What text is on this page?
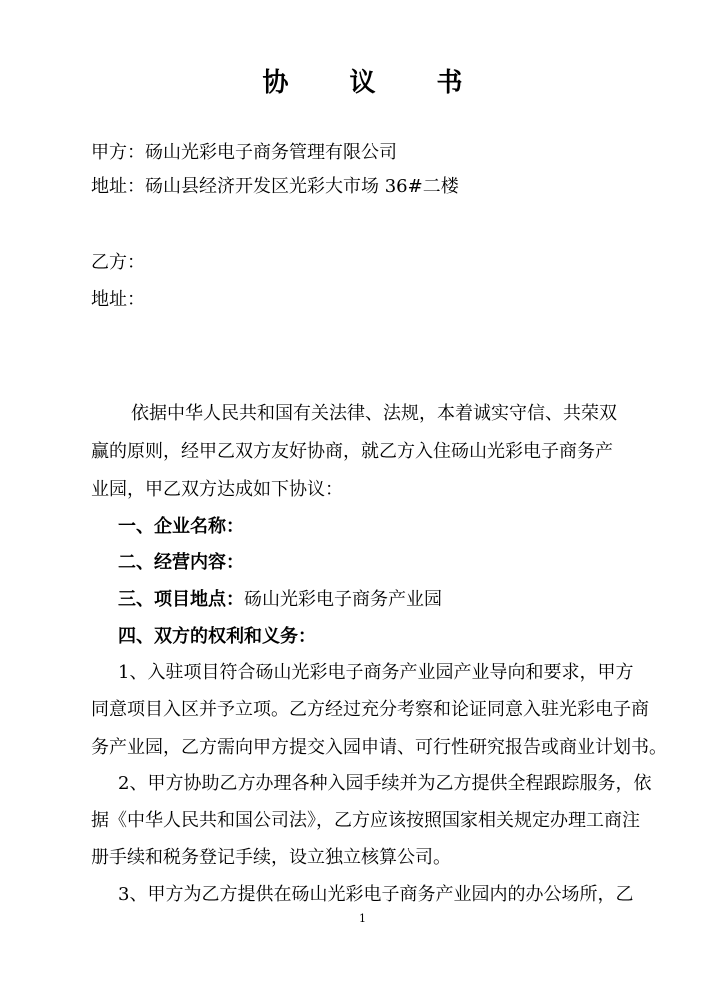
协 议 书
甲方：砀山光彩电子商务管理有限公司
地址：砀山县经济开发区光彩大市场 36#二楼
乙方：
地址：
依据中华人民共和国有关法律、法规，本着诚实守信、共荣双
赢的原则，经甲乙双方友好协商，就乙方入住砀山光彩电子商务产
业园，甲乙双方达成如下协议：
一、企业名称：
二、经营内容：
三、项目地点：砀山光彩电子商务产业园
四、双方的权利和义务：
1、入驻项目符合砀山光彩电子商务产业园产业导向和要求，甲方
同意项目入区并予立项。乙方经过充分考察和论证同意入驻光彩电子商
务产业园，乙方需向甲方提交入园申请、可行性研究报告或商业计划书。
2、甲方协助乙方办理各种入园手续并为乙方提供全程跟踪服务，依
据《中华人民共和国公司法》，乙方应该按照国家相关规定办理工商注
册手续和税务登记手续，设立独立核算公司。
3、甲方为乙方提供在砀山光彩电子商务产业园内的办公场所，乙
1
